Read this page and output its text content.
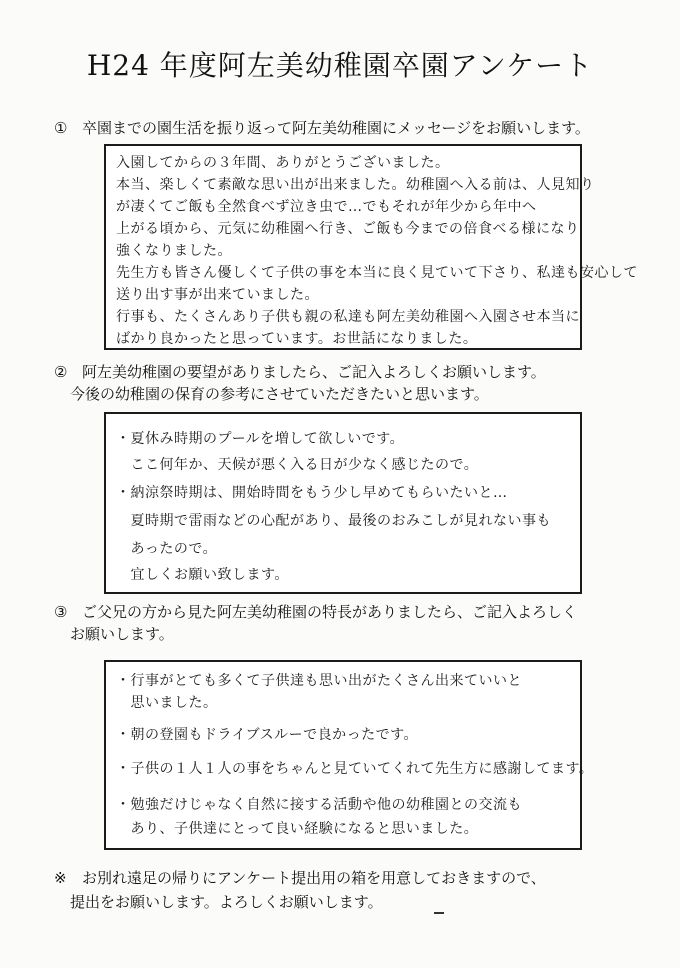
H24 年度阿左美幼稚園卒園アンケート
① 卒園までの園生活を振り返って阿左美幼稚園にメッセージをお願いします。
入園してからの３年間、ありがとうございました。
本当、楽しくて素敵な思い出が出来ました。幼稚園へ入る前は、人見知り
が凄くてご飯も全然食べず泣き虫で…でもそれが年少から年中へ
上がる頃から、元気に幼稚園へ行き、ご飯も今までの倍食べる様になり
強くなりました。
先生方も皆さん優しくて子供の事を本当に良く見ていて下さり、私達も安心して
送り出す事が出来ていました。
行事も、たくさんあり子供も親の私達も阿左美幼稚園へ入園させ本当に
ばかり良かったと思っています。お世話になりました。
② 阿左美幼稚園の要望がありましたら、ご記入よろしくお願いします。
今後の幼稚園の保育の参考にさせていただきたいと思います。
・夏休み時期のプールを増して欲しいです。
　ここ何年か、天候が悪く入る日が少なく感じたので。
・納涼祭時期は、開始時間をもう少し早めてもらいたいと…
　夏時期で雷雨などの心配があり、最後のおみこしが見れない事も
　あったので。
　宜しくお願い致します。
③ ご父兄の方から見た阿左美幼稚園の特長がありましたら、ご記入よろしく
お願いします。
・行事がとても多くて子供達も思い出がたくさん出来ていいと
　思いました。
・朝の登園もドライブスルーで良かったです。
・子供の１人１人の事をちゃんと見ていてくれて先生方に感謝してます。
・勉強だけじゃなく自然に接する活動や他の幼稚園との交流も
　あり、子供達にとって良い経験になると思いました。
※ お別れ遠足の帰りにアンケート提出用の箱を用意しておきますので、
提出をお願いします。よろしくお願いします。
